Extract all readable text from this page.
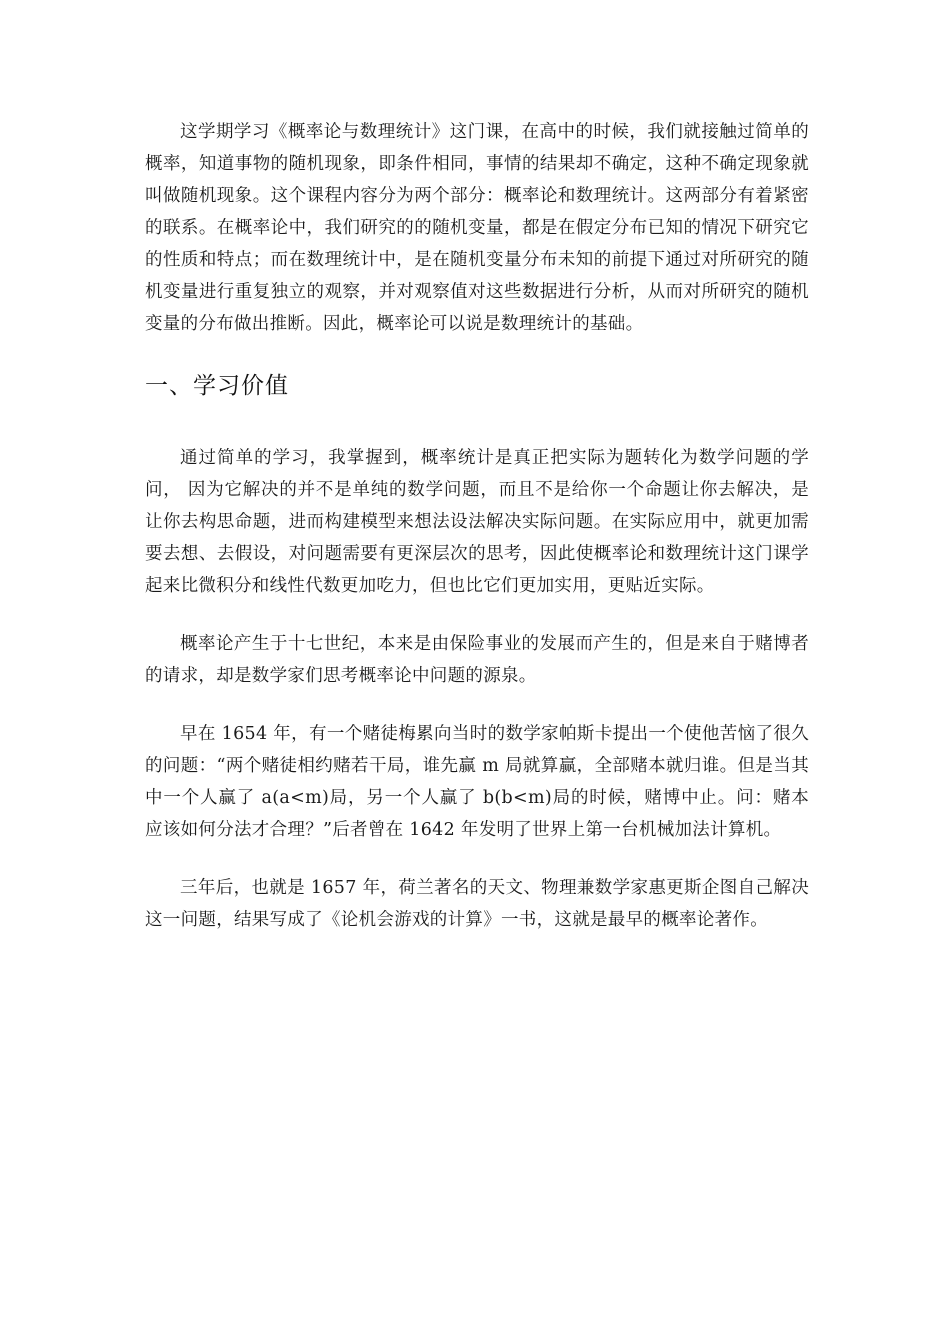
这学期学习《概率论与数理统计》这门课，在高中的时候，我们就接触过简单的概率，知道事物的随机现象，即条件相同，事情的结果却不确定，这种不确定现象就叫做随机现象。这个课程内容分为两个部分：概率论和数理统计。这两部分有着紧密的联系。在概率论中，我们研究的的随机变量，都是在假定分布已知的情况下研究它的性质和特点；而在数理统计中，是在随机变量分布未知的前提下通过对所研究的随机变量进行重复独立的观察，并对观察值对这些数据进行分析，从而对所研究的随机变量的分布做出推断。因此，概率论可以说是数理统计的基础。

一、学习价值

通过简单的学习，我掌握到，概率统计是真正把实际为题转化为数学问题的学问， 因为它解决的并不是单纯的数学问题，而且不是给你一个命题让你去解决，是让你去构思命题，进而构建模型来想法设法解决实际问题。在实际应用中，就更加需要去想、去假设，对问题需要有更深层次的思考，因此使概率论和数理统计这门课学起来比微积分和线性代数更加吃力，但也比它们更加实用，更贴近实际。

概率论产生于十七世纪，本来是由保险事业的发展而产生的，但是来自于赌博者的请求，却是数学家们思考概率论中问题的源泉。

早在 1654 年，有一个赌徒梅累向当时的数学家帕斯卡提出一个使他苦恼了很久的问题：“两个赌徒相约赌若干局，谁先赢 m 局就算赢，全部赌本就归谁。但是当其中一个人赢了 a(a<m)局，另一个人赢了 b(b<m)局的时候，赌博中止。问：赌本应该如何分法才合理？”后者曾在 1642 年发明了世界上第一台机械加法计算机。

三年后，也就是 1657 年，荷兰著名的天文、物理兼数学家惠更斯企图自己解决这一问题，结果写成了《论机会游戏的计算》一书，这就是最早的概率论著作。
